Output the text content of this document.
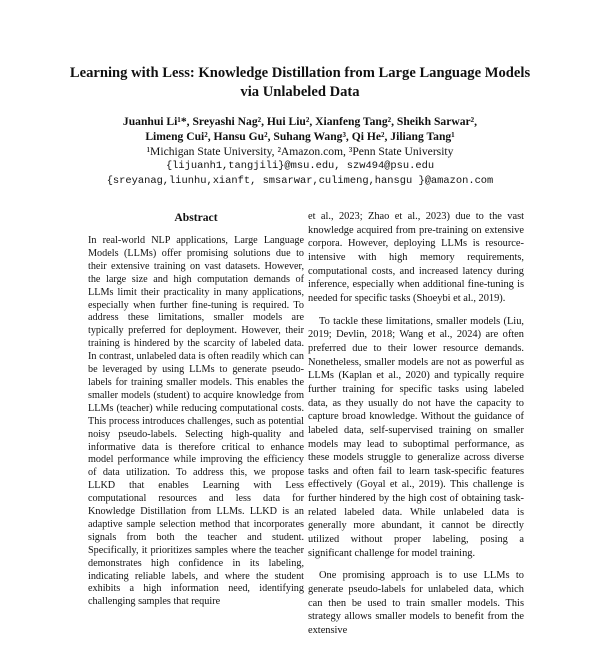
Learning with Less: Knowledge Distillation from Large Language Models
via Unlabeled Data
Juanhui Li¹*, Sreyashi Nag², Hui Liu², Xianfeng Tang², Sheikh Sarwar²,
Limeng Cui², Hansu Gu², Suhang Wang³, Qi He², Jiliang Tang¹
¹Michigan State University, ²Amazon.com, ³Penn State University
{lijuanh1,tangjili}@msu.edu, szw494@psu.edu
{sreyanag,liunhu,xianft, smsarwar,culimeng,hansgu }@amazon.com
Abstract
In real-world NLP applications, Large Language Models (LLMs) offer promising solutions due to their extensive training on vast datasets. However, the large size and high computation demands of LLMs limit their practicality in many applications, especially when further fine-tuning is required. To address these limitations, smaller models are typically preferred for deployment. However, their training is hindered by the scarcity of labeled data. In contrast, unlabeled data is often readily which can be leveraged by using LLMs to generate pseudo-labels for training smaller models. This enables the smaller models (student) to acquire knowledge from LLMs (teacher) while reducing computational costs. This process introduces challenges, such as potential noisy pseudo-labels. Selecting high-quality and informative data is therefore critical to enhance model performance while improving the efficiency of data utilization. To address this, we propose LLKD that enables Learning with Less computational resources and less data for Knowledge Distillation from LLMs. LLKD is an adaptive sample selection method that incorporates signals from both the teacher and student. Specifically, it prioritizes samples where the teacher demonstrates high confidence in its labeling, indicating reliable labels, and where the student exhibits a high information need, identifying challenging samples that require

et al., 2023; Zhao et al., 2023) due to the vast knowledge acquired from pre-training on extensive corpora. However, deploying LLMs is resource-intensive with high memory requirements, computational costs, and increased latency during inference, especially when additional fine-tuning is needed for specific tasks (Shoeybi et al., 2019).

To tackle these limitations, smaller models (Liu, 2019; Devlin, 2018; Wang et al., 2024) are often preferred due to their lower resource demands. Nonetheless, smaller models are not as powerful as LLMs (Kaplan et al., 2020) and typically require further training for specific tasks using labeled data, as they usually do not have the capacity to capture broad knowledge. Without the guidance of labeled data, self-supervised training on smaller models may lead to suboptimal performance, as these models struggle to generalize across diverse tasks and often fail to learn task-specific features effectively (Goyal et al., 2019). This challenge is further hindered by the high cost of obtaining task-related labeled data. While unlabeled data is generally more abundant, it cannot be directly utilized without proper labeling, posing a significant challenge for model training.

One promising approach is to use LLMs to generate pseudo-labels for unlabeled data, which can then be used to train smaller models. This strategy allows smaller models to benefit from the extensive
